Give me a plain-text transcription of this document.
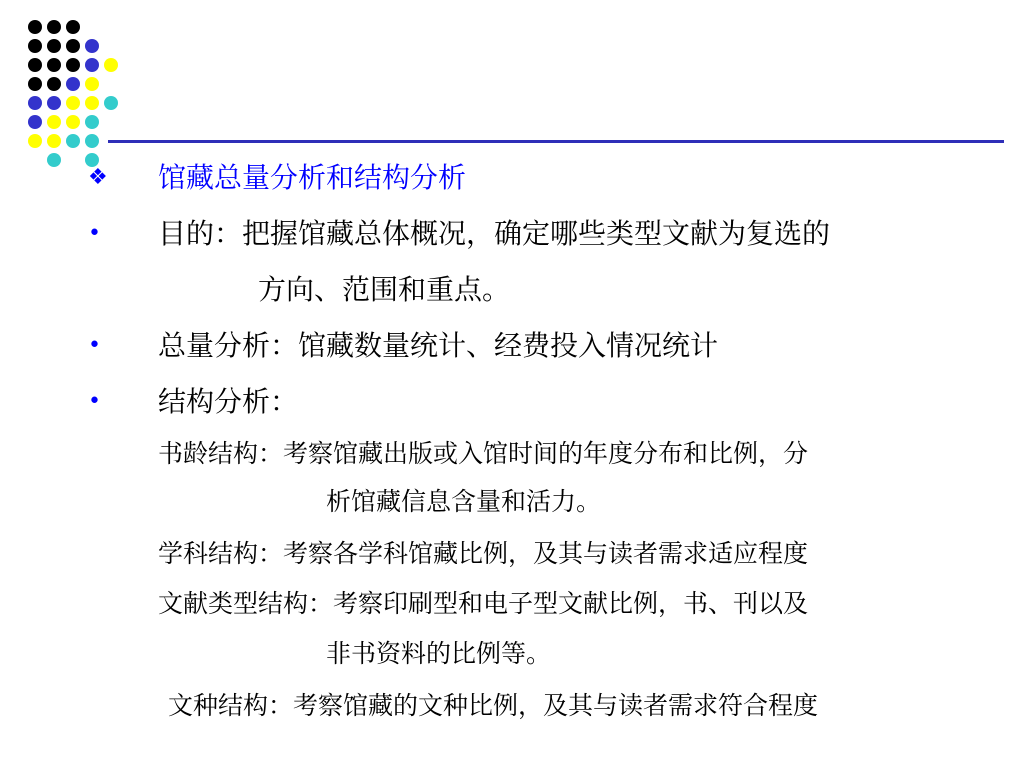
❖ 馆藏总量分析和结构分析
• 目的：把握馆藏总体概况，确定哪些类型文献为复选的
方向、范围和重点。
• 总量分析：馆藏数量统计、经费投入情况统计
• 结构分析：
书龄结构：考察馆藏出版或入馆时间的年度分布和比例，分
析馆藏信息含量和活力。
学科结构：考察各学科馆藏比例，及其与读者需求适应程度
文献类型结构：考察印刷型和电子型文献比例，书、刊以及
非书资料的比例等。
文种结构：考察馆藏的文种比例，及其与读者需求符合程度
